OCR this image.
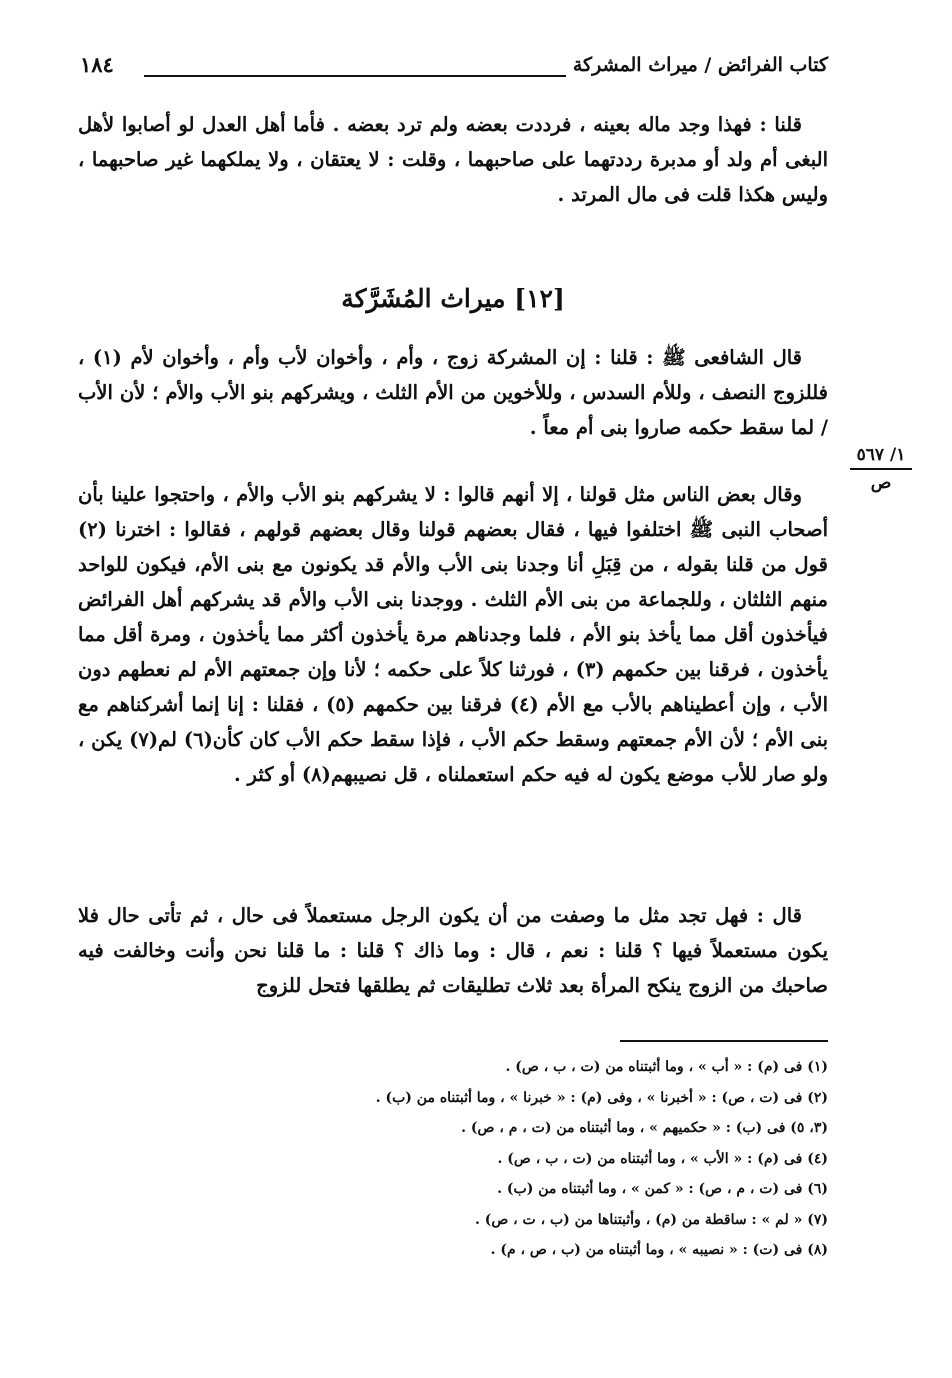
كتاب الفرائض / ميراث المشركة
١٨٤

قلنا : فهذا وجد ماله بعينه ، فرددت بعضه ولم ترد بعضه . فأما أهل العدل لو أصابوا لأهل البغى أم ولد أو مدبرة رددتهما على صاحبهما ، وقلت : لا يعتقان ، ولا يملكهما غير صاحبهما ، وليس هكذا قلت فى مال المرتد .

[١٢] ميراث المُشَرَّكة

قال الشافعى ﷺ : قلنا : إن المشركة زوج ، وأم ، وأخوان لأب وأم ، وأخوان لأم (١) ، فللزوج النصف ، وللأم السدس ، وللأخوين من الأم الثلث ، ويشركهم بنو الأب والأم ؛ لأن الأب / لما سقط حكمه صاروا بنى أم معاً .

١/ ٥٦٧
ص

وقال بعض الناس مثل قولنا ، إلا أنهم قالوا : لا يشركهم بنو الأب والأم ، واحتجوا علينا بأن أصحاب النبى ﷺ اختلفوا فيها ، فقال بعضهم قولنا وقال بعضهم قولهم ، فقالوا : اخترنا (٢) قول من قلنا بقوله ، من قِبَلِ أنا وجدنا بنى الأب والأم قد يكونون مع بنى الأم، فيكون للواحد منهم الثلثان ، وللجماعة من بنى الأم الثلث . ووجدنا بنى الأب والأم قد يشركهم أهل الفرائض فيأخذون أقل مما يأخذ بنو الأم ، فلما وجدناهم مرة يأخذون أكثر مما يأخذون ، ومرة أقل مما يأخذون ، فرقنا بين حكمهم (٣) ، فورثنا كلاً على حكمه ؛ لأنا وإن جمعتهم الأم لم نعطهم دون الأب ، وإن أعطيناهم بالأب مع الأم (٤) فرقنا بين حكمهم (٥) ، فقلنا : إنا إنما أشركناهم مع بنى الأم ؛ لأن الأم جمعتهم وسقط حكم الأب ، فإذا سقط حكم الأب كان كأن(٦) لم(٧) يكن ، ولو صار للأب موضع يكون له فيه حكم استعملناه ، قل نصيبهم(٨) أو كثر .

قال : فهل تجد مثل ما وصفت من أن يكون الرجل مستعملاً فى حال ، ثم تأتى حال فلا يكون مستعملاً فيها ؟ قلنا : نعم ، قال : وما ذاك ؟ قلنا : ما قلنا نحن وأنت وخالفت فيه صاحبك من الزوج ينكح المرأة بعد ثلاث تطليقات ثم يطلقها فتحل للزوج

(١) فى (م) : « أب » ، وما أثبتناه من (ت ، ب ، ص) .
(٢) فى (ت ، ص) : « أخبرنا » ، وفى (م) : « خبرنا » ، وما أثبتناه من (ب) .
(٣، ٥) فى (ب) : « حكميهم » ، وما أثبتناه من (ت ، م ، ص) .
(٤) فى (م) : « الأب » ، وما أثبتناه من (ت ، ب ، ص) .
(٦) فى (ت ، م ، ص) : « كمن » ، وما أثبتناه من (ب) .
(٧) « لم » : ساقطة من (م) ، وأثبتناها من (ب ، ت ، ص) .
(٨) فى (ت) : « نصيبه » ، وما أثبتناه من (ب ، ص ، م) .
